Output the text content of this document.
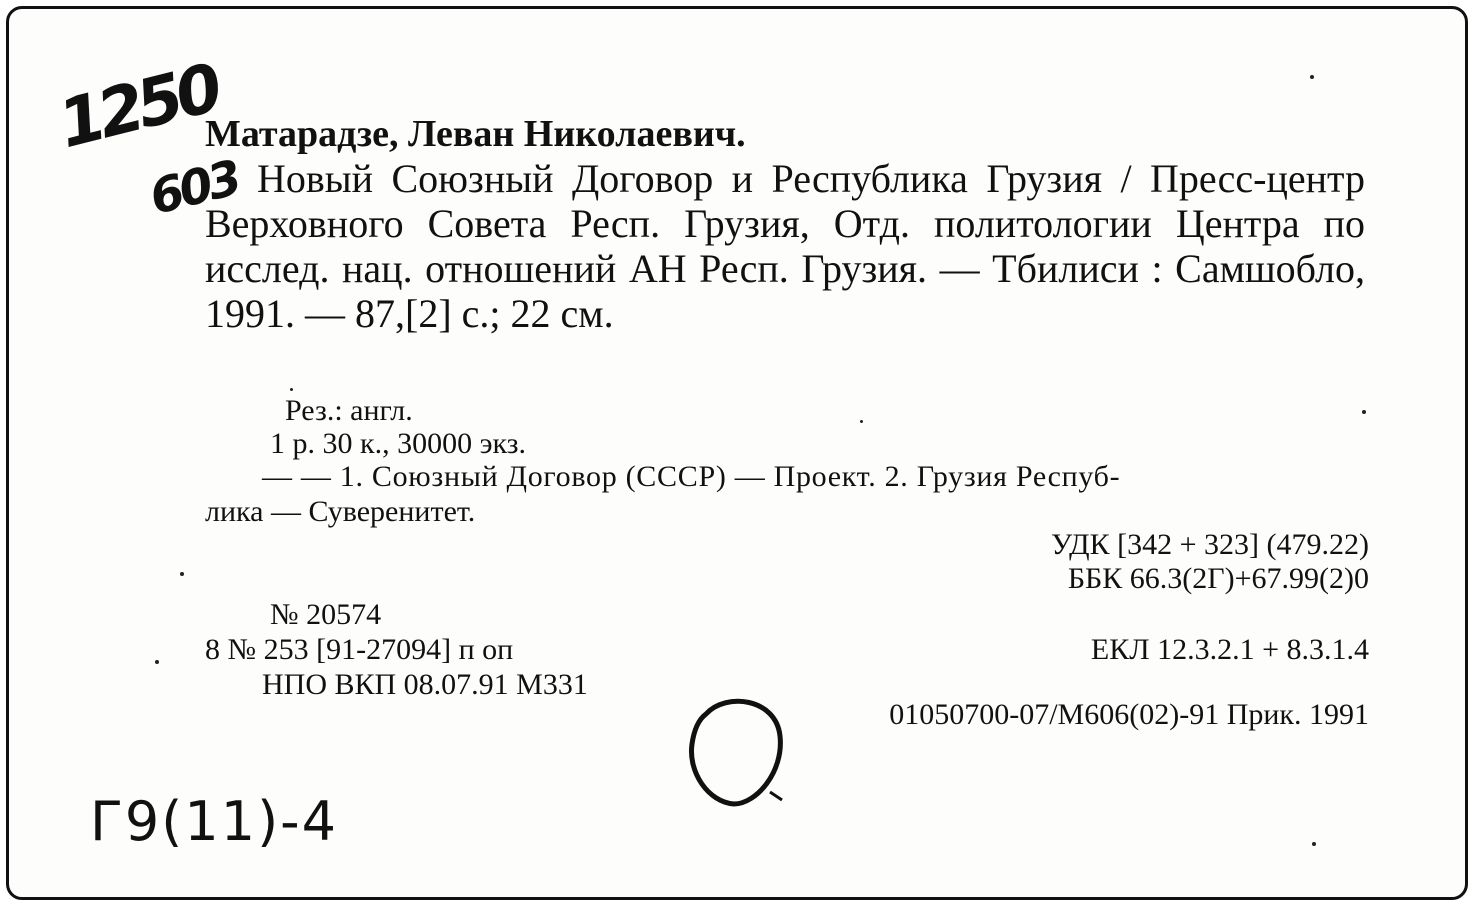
1250
603
Матарадзе, Леван Николаевич.
Новый Союзный Договор и Республика Грузия / Пресс-центр Верховного Совета Респ. Грузия, Отд. политологии Центра по исслед. нац. отношений АН Респ. Грузия. — Тбилиси : Самшобло, 1991. — 87,[2] с.; 22 см.
Рез.: англ.
1 р. 30 к., 30000 экз.
— — 1. Союзный Договор (СССР) — Проект. 2. Грузия Респуб-
лика — Суверенитет.
УДК [342 + 323] (479.22)
ББК 66.3(2Г)+67.99(2)0
№ 20574
8 № 253 [91-27094] п оп	ЕКЛ 12.3.2.1 + 8.3.1.4
НПО ВКП 08.07.91 М331
01050700-07/М606(02)-91 Прик. 1991
Г9(11)-4
